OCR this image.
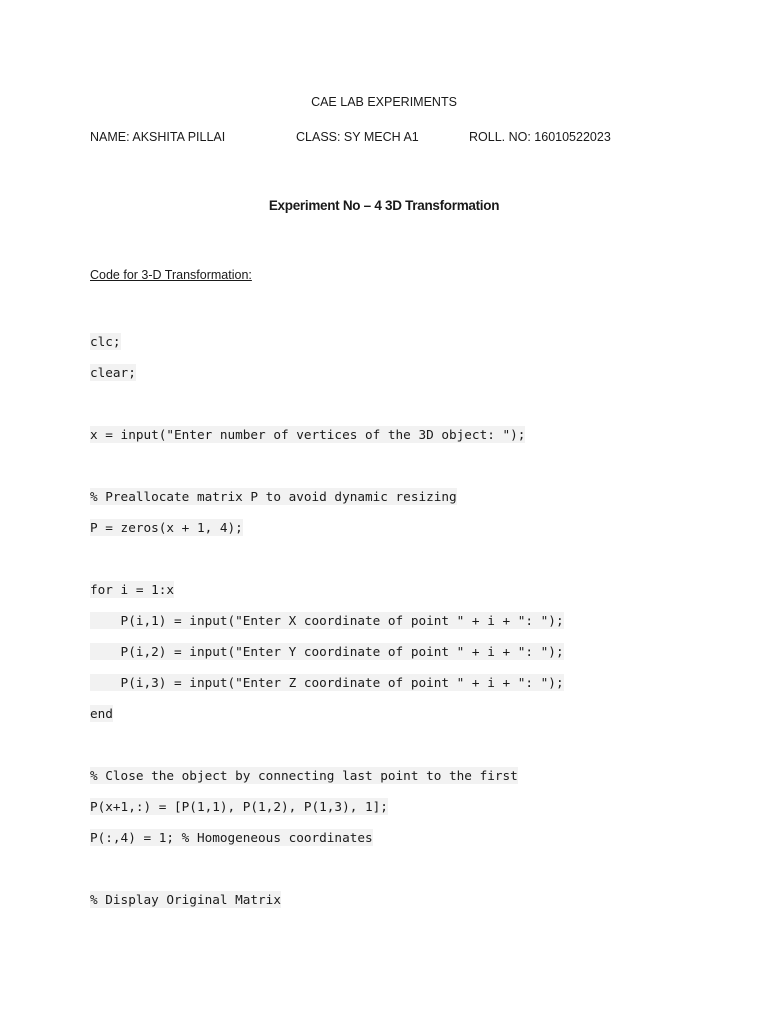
CAE LAB EXPERIMENTS
NAME: AKSHITA PILLAI	CLASS: SY MECH A1	ROLL. NO: 16010522023
Experiment No – 4 3D Transformation
Code for 3-D Transformation:
clc;
clear;
x = input("Enter number of vertices of the 3D object: ");
% Preallocate matrix P to avoid dynamic resizing
P = zeros(x + 1, 4);
for i = 1:x
P(i,1) = input("Enter X coordinate of point " + i + ": ");
P(i,2) = input("Enter Y coordinate of point " + i + ": ");
P(i,3) = input("Enter Z coordinate of point " + i + ": ");
end
% Close the object by connecting last point to the first
P(x+1,:) = [P(1,1), P(1,2), P(1,3), 1];
P(:,4) = 1; % Homogeneous coordinates
% Display Original Matrix
